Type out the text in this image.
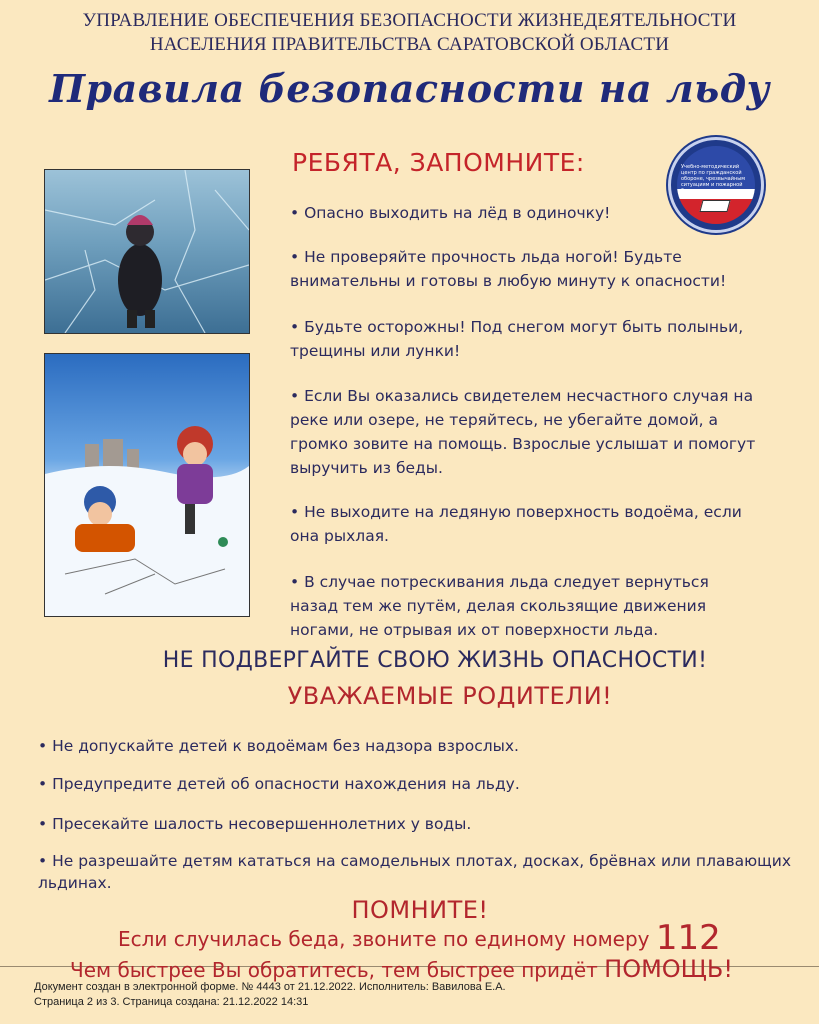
УПРАВЛЕНИЕ ОБЕСПЕЧЕНИЯ БЕЗОПАСНОСТИ ЖИЗНЕДЕЯТЕЛЬНОСТИ
НАСЕЛЕНИЯ ПРАВИТЕЛЬСТВА САРАТОВСКОЙ ОБЛАСТИ
Правила безопасности на льду
Учебно-методический центр по гражданской обороне, чрезвычайным ситуациям и пожарной безопасности Саратовской области
РЕБЯТА, ЗАПОМНИТЕ:
• Опасно выходить на лёд в одиночку!
• Не проверяйте прочность льда ногой! Будьте внимательны и готовы в любую минуту к опасности!
• Будьте осторожны! Под снегом могут быть полыньи, трещины или лунки!
• Если Вы оказались свидетелем несчастного случая на реке или озере, не теряйтесь, не убегайте домой, а громко зовите на помощь. Взрослые услышат и помогут выручить из беды.
• Не выходите на ледяную поверхность водоёма, если она рыхлая.
• В случае потрескивания льда следует вернуться назад тем же путём, делая скользящие движения ногами, не отрывая их от поверхности льда.
НЕ ПОДВЕРГАЙТЕ СВОЮ ЖИЗНЬ ОПАСНОСТИ!
УВАЖАЕМЫЕ РОДИТЕЛИ!
• Не допускайте детей к водоёмам без надзора взрослых.
• Предупредите детей об опасности нахождения на льду.
• Пресекайте шалость несовершеннолетних у воды.
• Не разрешайте детям кататься на самодельных плотах, досках, брёвнах или плавающих льдинах.
ПОМНИТЕ!
Если случилась беда, звоните по единому номеру 112
Чем быстрее Вы обратитесь, тем быстрее придёт ПОМОЩЬ!
Документ создан в электронной форме. № 4443 от 21.12.2022. Исполнитель: Вавилова Е.А.
Страница 2 из 3. Страница создана: 21.12.2022 14:31
